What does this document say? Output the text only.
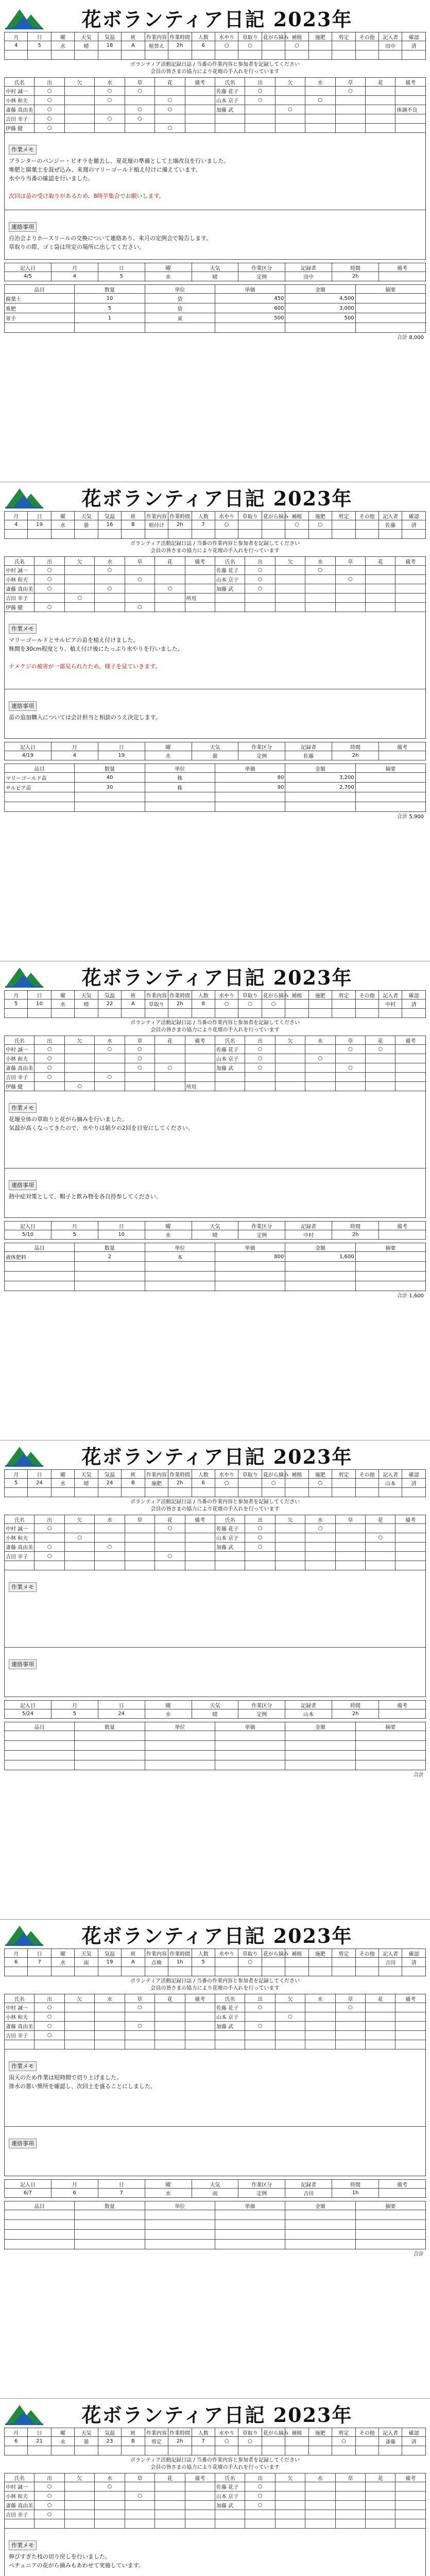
花ボランティア日記 2023年
月	日	曜	天気	気温	班	作業内容	作業時間	人数	水やり	草取り	花がら摘み	補植	施肥	剪定	その他	記入者	確認
4	5	水	晴	18	A	植替え	2h	6	○	○		○				田中	済

ボランティア活動記録日誌 / 当番の作業内容と参加者を記録してください
会員の皆さまの協力により花壇の手入れを行っています
氏名	出	欠	水	草	花	備考	氏名	出	欠	水	草	花	備考
中村 誠一	○		○	○			佐藤 花子	○			○		
小林 和夫	○		○		○		山本 京子	○		○			
斎藤 真由美	○			○	○		加藤 武		○				体調不良
吉田 幸子	○		○	○									
伊藤 健	○				○								

作業メモ

プランターのパンジー・ビオラを撤去し、夏花壇の準備として土壌改良を行いました。
堆肥と腐葉土を混ぜ込み、来週のマリーゴールド植え付けに備えています。
水やり当番の確認を行いました。

次回は苗の受け取りがあるため、8時半集合でお願いします。

連絡事項

自治会よりホースリールの交換について連絡あり。来月の定例会で報告します。
草取りの際、ゴミ袋は所定の場所に出してください。

記入日	月	日	曜	天気	作業区分	記録者	時間	備考
4/5	4	5	水	晴	定例	田中	2h	
品目	数量	単位	単価	金額	摘要
腐葉土	10	袋	450	4,500	
堆肥	5	袋	600	3,000	
軍手	1	束	500	500	

合計 8,000
花ボランティア日記 2023年
月	日	曜	天気	気温	班	作業内容	作業時間	人数	水やり	草取り	花がら摘み	補植	施肥	剪定	その他	記入者	確認
4	19	水	曇	16	B	植付け	2h	7	○			○	○			佐藤	済

ボランティア活動記録日誌 / 当番の作業内容と参加者を記録してください
会員の皆さまの協力により花壇の手入れを行っています
氏名	出	欠	水	草	花	備考	氏名	出	欠	水	草	花	備考
中村 誠一	○		○				佐藤 花子	○		○			
小林 和夫	○			○			山本 京子	○			○		
斎藤 真由美	○		○		○		加藤 武	○					
吉田 幸子		○				所用							
伊藤 健	○			○									

作業メモ

マリーゴールドとサルビアの苗を植え付けました。
株間を30cm程度とり、植え付け後にたっぷり水やりを行いました。

ナメクジの被害が一部見られたため、様子を見ていきます。

連絡事項

苗の追加購入については会計担当と相談のうえ決定します。

記入日	月	日	曜	天気	作業区分	記録者	時間	備考
4/19	4	19	水	曇	定例	佐藤	2h	
品目	数量	単位	単価	金額	摘要
マリーゴールド苗	40	株	80	3,200	
サルビア苗	30	株	90	2,700	

合計 5,900
花ボランティア日記 2023年
月	日	曜	天気	気温	班	作業内容	作業時間	人数	水やり	草取り	花がら摘み	補植	施肥	剪定	その他	記入者	確認
5	10	水	晴	22	A	草取り	2h	8	○	○	○					中村	済

ボランティア活動記録日誌 / 当番の作業内容と参加者を記録してください
会員の皆さまの協力により花壇の手入れを行っています
氏名	出	欠	水	草	花	備考	氏名	出	欠	水	草	花	備考
中村 誠一	○		○	○			佐藤 花子	○			○	○	
小林 和夫	○			○			山本 京子	○		○			
斎藤 真由美	○			○	○		加藤 武	○			○		
吉田 幸子	○		○										
伊藤 健		○				所用							

作業メモ

花壇全体の草取りと花がら摘みを行いました。
気温が高くなってきたので、水やりは朝夕の2回を目安にしてください。

連絡事項

熱中症対策として、帽子と飲み物を各自持参してください。

記入日	月	日	曜	天気	作業区分	記録者	時間	備考
5/10	5	10	水	晴	定例	中村	2h	
品目	数量	単位	単価	金額	摘要
液体肥料	2	本	800	1,600	

合計 1,600
花ボランティア日記 2023年
月	日	曜	天気	気温	班	作業内容	作業時間	人数	水やり	草取り	花がら摘み	補植	施肥	剪定	その他	記入者	確認
5	24	水	晴	24	B	施肥	2h	6	○		○		○			山本	済

ボランティア活動記録日誌 / 当番の作業内容と参加者を記録してください
会員の皆さまの協力により花壇の手入れを行っています
氏名	出	欠	水	草	花	備考	氏名	出	欠	水	草	花	備考
中村 誠一	○				○		佐藤 花子	○		○			
小林 和夫		○					山本 京子	○				○	
斎藤 真由美	○		○				加藤 武	○					
吉田 幸子	○				○								

作業メモ

連絡事項

記入日	月	日	曜	天気	作業区分	記録者	時間	備考
5/24	5	24	水	晴	定例	山本	2h	
品目	数量	単位	単価	金額	摘要

合計
花ボランティア日記 2023年
月	日	曜	天気	気温	班	作業内容	作業時間	人数	水やり	草取り	花がら摘み	補植	施肥	剪定	その他	記入者	確認
6	7	水	雨	19	A	点検	1h	5		○						吉田	済

ボランティア活動記録日誌 / 当番の作業内容と参加者を記録してください
会員の皆さまの協力により花壇の手入れを行っています
氏名	出	欠	水	草	花	備考	氏名	出	欠	水	草	花	備考
中村 誠一	○			○			佐藤 花子	○			○		
小林 和夫	○						山本 京子		○				
斎藤 真由美	○			○			加藤 武	○					
吉田 幸子	○												

作業メモ

雨天のため作業は短時間で切り上げました。
排水の悪い箇所を確認し、次回土を盛ることにしました。

連絡事項

記入日	月	日	曜	天気	作業区分	記録者	時間	備考
6/7	6	7	水	雨	定例	吉田	1h	
品目	数量	単位	単価	金額	摘要

合計
花ボランティア日記 2023年
月	日	曜	天気	気温	班	作業内容	作業時間	人数	水やり	草取り	花がら摘み	補植	施肥	剪定	その他	記入者	確認
6	21	水	曇	23	B	剪定	2h	7	○	○				○		斎藤	済

ボランティア活動記録日誌 / 当番の作業内容と参加者を記録してください
会員の皆さまの協力により花壇の手入れを行っています
氏名	出	欠	水	草	花	備考	氏名	出	欠	水	草	花	備考
中村 誠一	○		○				佐藤 花子	○					
小林 和夫	○			○			山本 京子	○					
斎藤 真由美	○						加藤 武	○					
吉田 幸子	○												

作業メモ

伸びすぎた枝の切り戻しを行いました。
ペチュニアの花がら摘みもあわせて実施しています。
